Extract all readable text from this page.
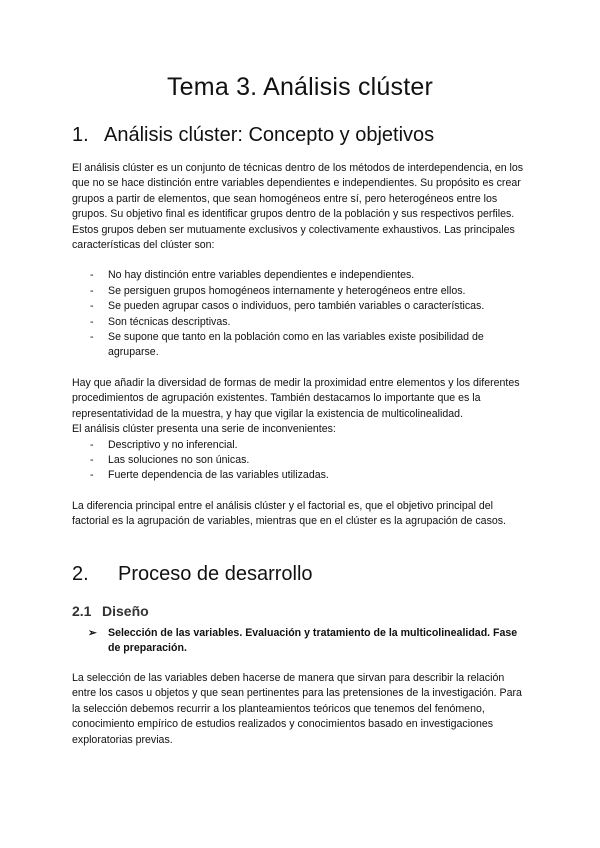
Tema 3. Análisis clúster
1. Análisis clúster: Concepto y objetivos

El análisis clúster es un conjunto de técnicas dentro de los métodos de interdependencia, en los que no se hace distinción entre variables dependientes e independientes. Su propósito es crear grupos a partir de elementos, que sean homogéneos entre sí, pero heterogéneos entre los grupos. Su objetivo final es identificar grupos dentro de la población y sus respectivos perfiles. Estos grupos deben ser mutuamente exclusivos y colectivamente exhaustivos. Las principales características del clúster son:

- No hay distinción entre variables dependientes e independientes.
- Se persiguen grupos homogéneos internamente y heterogéneos entre ellos.
- Se pueden agrupar casos o individuos, pero también variables o características.
- Son técnicas descriptivas.
- Se supone que tanto en la población como en las variables existe posibilidad de agruparse.

Hay que añadir la diversidad de formas de medir la proximidad entre elementos y los diferentes procedimientos de agrupación existentes. También destacamos lo importante que es la representatividad de la muestra, y hay que vigilar la existencia de multicolinealidad.

El análisis clúster presenta una serie de inconvenientes:

- Descriptivo y no inferencial.
- Las soluciones no son únicas.
- Fuerte dependencia de las variables utilizadas.

La diferencia principal entre el análisis clúster y el factorial es, que el objetivo principal del factorial es la agrupación de variables, mientras que en el clúster es la agrupación de casos.

2. Proceso de desarrollo
2.1 Diseño
➢	Selección de las variables. Evaluación y tratamiento de la multicolinealidad. Fase de preparación.

La selección de las variables deben hacerse de manera que sirvan para describir la relación entre los casos u objetos y que sean pertinentes para las pretensiones de la investigación. Para la selección debemos recurrir a los planteamientos teóricos que tenemos del fenómeno, conocimiento empírico de estudios realizados y conocimientos basado en investigaciones exploratorias previas.
